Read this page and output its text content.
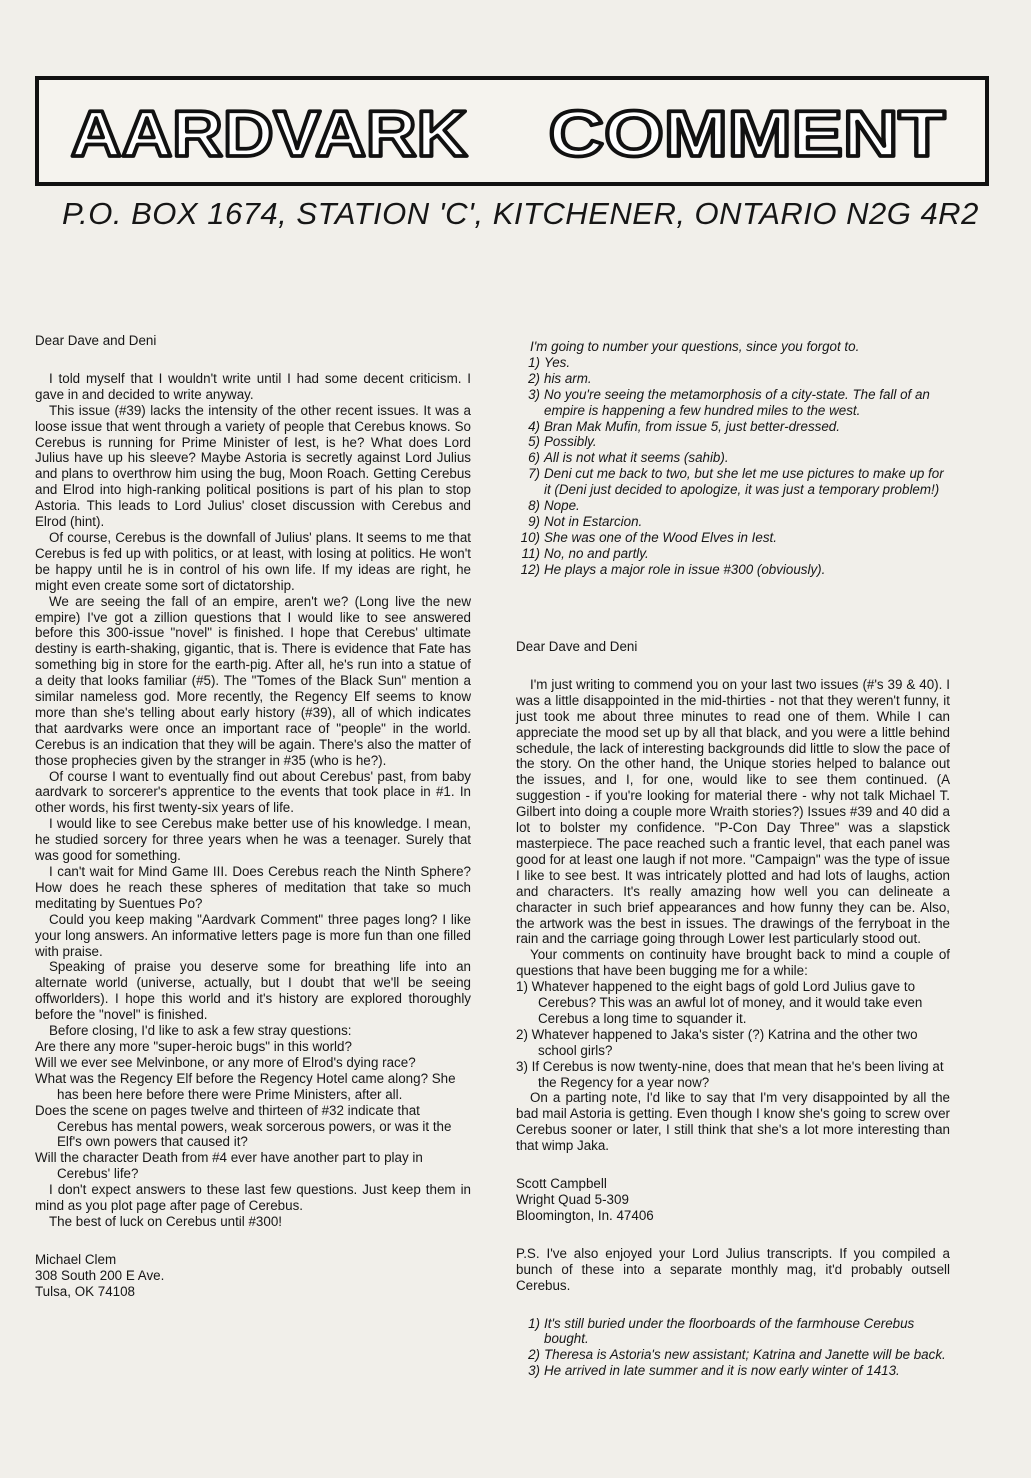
AARDVARK COMMENT
P.O. BOX 1674, STATION 'C', KITCHENER, ONTARIO N2G 4R2

Dear Dave and Deni

I told myself that I wouldn't write until I had some decent criticism. I gave in and decided to write anyway.

This issue (#39) lacks the intensity of the other recent issues. It was a loose issue that went through a variety of people that Cerebus knows. So Cerebus is running for Prime Minister of Iest, is he? What does Lord Julius have up his sleeve? Maybe Astoria is secretly against Lord Julius and plans to overthrow him using the bug, Moon Roach. Getting Cerebus and Elrod into high-ranking political positions is part of his plan to stop Astoria. This leads to Lord Julius' closet discussion with Cerebus and Elrod (hint).

Of course, Cerebus is the downfall of Julius' plans. It seems to me that Cerebus is fed up with politics, or at least, with losing at politics. He won't be happy until he is in control of his own life. If my ideas are right, he might even create some sort of dictatorship.

We are seeing the fall of an empire, aren't we? (Long live the new empire) I've got a zillion questions that I would like to see answered before this 300-issue "novel" is finished. I hope that Cerebus' ultimate destiny is earth-shaking, gigantic, that is. There is evidence that Fate has something big in store for the earth-pig. After all, he's run into a statue of a deity that looks familiar (#5). The "Tomes of the Black Sun" mention a similar nameless god. More recently, the Regency Elf seems to know more than she's telling about early history (#39), all of which indicates that aardvarks were once an important race of "people" in the world. Cerebus is an indication that they will be again. There's also the matter of those prophecies given by the stranger in #35 (who is he?).

Of course I want to eventually find out about Cerebus' past, from baby aardvark to sorcerer's apprentice to the events that took place in #1. In other words, his first twenty-six years of life.

I would like to see Cerebus make better use of his knowledge. I mean, he studied sorcery for three years when he was a teenager. Surely that was good for something.

I can't wait for Mind Game III. Does Cerebus reach the Ninth Sphere? How does he reach these spheres of meditation that take so much meditating by Suentues Po?

Could you keep making "Aardvark Comment" three pages long? I like your long answers. An informative letters page is more fun than one filled with praise.

Speaking of praise you deserve some for breathing life into an alternate world (universe, actually, but I doubt that we'll be seeing offworlders). I hope this world and it's history are explored thoroughly before the "novel" is finished.

Before closing, I'd like to ask a few stray questions:

Are there any more "super-heroic bugs" in this world?

Will we ever see Melvinbone, or any more of Elrod's dying race?

What was the Regency Elf before the Regency Hotel came along? She has been here before there were Prime Ministers, after all.

Does the scene on pages twelve and thirteen of #32 indicate that Cerebus has mental powers, weak sorcerous powers, or was it the Elf's own powers that caused it?

Will the character Death from #4 ever have another part to play in Cerebus' life?

I don't expect answers to these last few questions. Just keep them in mind as you plot page after page of Cerebus.

The best of luck on Cerebus until #300!

Michael Clem

308 South 200 E Ave.

Tulsa, OK 74108

I'm going to number your questions, since you forgot to.

1) Yes.
2) his arm.
3) No you're seeing the metamorphosis of a city-state. The fall of an empire is happening a few hundred miles to the west.
4) Bran Mak Mufin, from issue 5, just better-dressed.
5) Possibly.
6) All is not what it seems (sahib).
7) Deni cut me back to two, but she let me use pictures to make up for it (Deni just decided to apologize, it was just a temporary problem!)
8) Nope.
9) Not in Estarcion.
10) She was one of the Wood Elves in Iest.
11) No, no and partly.
12) He plays a major role in issue #300 (obviously).

Dear Dave and Deni

I'm just writing to commend you on your last two issues (#'s 39 & 40). I was a little disappointed in the mid-thirties - not that they weren't funny, it just took me about three minutes to read one of them. While I can appreciate the mood set up by all that black, and you were a little behind schedule, the lack of interesting backgrounds did little to slow the pace of the story. On the other hand, the Unique stories helped to balance out the issues, and I, for one, would like to see them continued. (A suggestion - if you're looking for material there - why not talk Michael T. Gilbert into doing a couple more Wraith stories?) Issues #39 and 40 did a lot to bolster my confidence. "P-Con Day Three" was a slapstick masterpiece. The pace reached such a frantic level, that each panel was good for at least one laugh if not more. "Campaign" was the type of issue I like to see best. It was intricately plotted and had lots of laughs, action and characters. It's really amazing how well you can delineate a character in such brief appearances and how funny they can be. Also, the artwork was the best in issues. The drawings of the ferryboat in the rain and the carriage going through Lower Iest particularly stood out.

Your comments on continuity have brought back to mind a couple of questions that have been bugging me for a while:

1) Whatever happened to the eight bags of gold Lord Julius gave to Cerebus? This was an awful lot of money, and it would take even Cerebus a long time to squander it.

2) Whatever happened to Jaka's sister (?) Katrina and the other two school girls?

3) If Cerebus is now twenty-nine, does that mean that he's been living at the Regency for a year now?

On a parting note, I'd like to say that I'm very disappointed by all the bad mail Astoria is getting. Even though I know she's going to screw over Cerebus sooner or later, I still think that she's a lot more interesting than that wimp Jaka.

Scott Campbell

Wright Quad 5-309

Bloomington, In. 47406

P.S. I've also enjoyed your Lord Julius transcripts. If you compiled a bunch of these into a separate monthly mag, it'd probably outsell Cerebus.

1) It's still buried under the floorboards of the farmhouse Cerebus bought.
2) Theresa is Astoria's new assistant; Katrina and Janette will be back.
3) He arrived in late summer and it is now early winter of 1413.
